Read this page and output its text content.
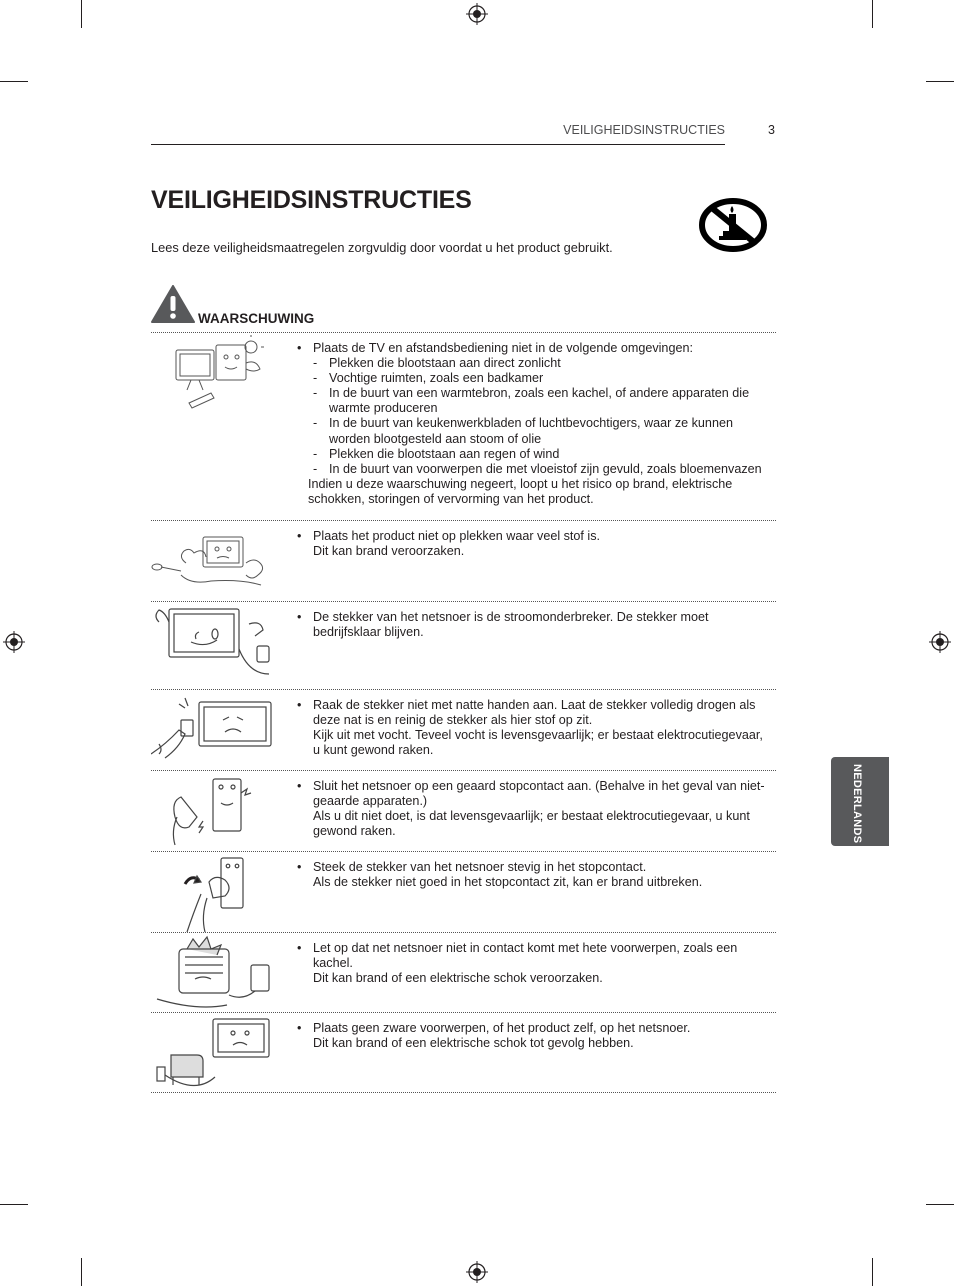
VEILIGHEIDSINSTRUCTIES	3
VEILIGHEIDSINSTRUCTIES

Lees deze veiligheidsmaatregelen zorgvuldig door voordat u het product gebruikt.

WAARSCHUWING
• Plaats de TV en afstandsbediening niet in de volgende omgevingen:
- Plekken die blootstaan aan direct zonlicht
- Vochtige ruimten, zoals een badkamer
- In de buurt van een warmtebron, zoals een kachel, of andere apparaten die warmte produceren
- In de buurt van keukenwerkbladen of luchtbevochtigers, waar ze kunnen worden blootgesteld aan stoom of olie
- Plekken die blootstaan aan regen of wind
- In de buurt van voorwerpen die met vloeistof zijn gevuld, zoals bloemenvazen
Indien u deze waarschuwing negeert, loopt u het risico op brand, elektrische schokken, storingen of vervorming van het product.
• Plaats het product niet op plekken waar veel stof is.
Dit kan brand veroorzaken.
• De stekker van het netsnoer is de stroomonderbreker. De stekker moet bedrijfsklaar blijven.
• Raak de stekker niet met natte handen aan. Laat de stekker volledig drogen als deze nat is en reinig de stekker als hier stof op zit.
Kijk uit met vocht. Teveel vocht is levensgevaarlijk; er bestaat elektrocutiegevaar, u kunt gewond raken.
• Sluit het netsnoer op een geaard stopcontact aan. (Behalve in het geval van niet-geaarde apparaten.)
Als u dit niet doet, is dat levensgevaarlijk; er bestaat elektrocutiegevaar, u kunt gewond raken.
• Steek de stekker van het netsnoer stevig in het stopcontact.
Als de stekker niet goed in het stopcontact zit, kan er brand uitbreken.
• Let op dat net netsnoer niet in contact komt met hete voorwerpen, zoals een kachel.
Dit kan brand of een elektrische schok veroorzaken.
• Plaats geen zware voorwerpen, of het product zelf, op het netsnoer.
Dit kan brand of een elektrische schok tot gevolg hebben.
NEDERLANDS
